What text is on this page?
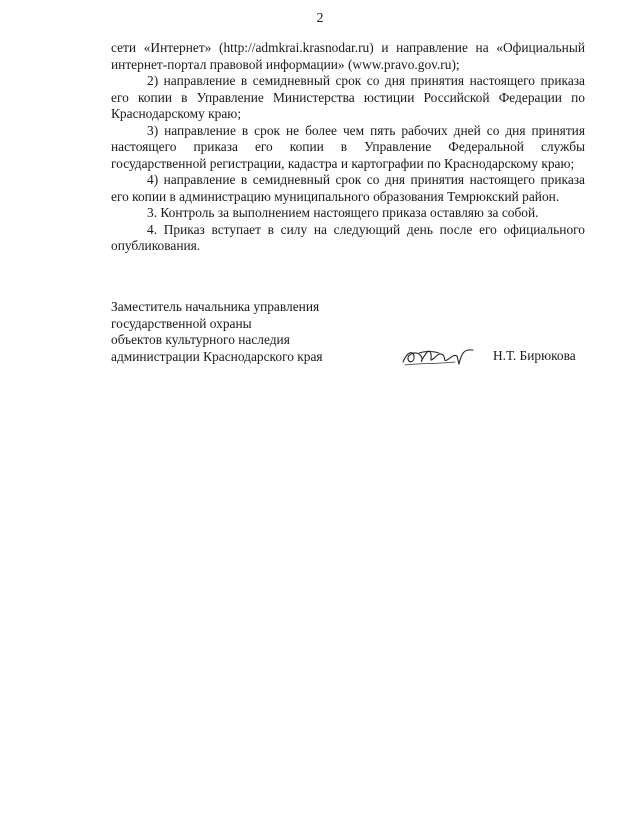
2

сети «Интернет» (http://admkrai.krasnodar.ru) и направление на «Официальный интернет-портал правовой информации» (www.pravo.gov.ru);

2) направление в семидневный срок со дня принятия настоящего приказа его копии в Управление Министерства юстиции Российской Федерации по Краснодарскому краю;

3) направление в срок не более чем пять рабочих дней со дня принятия настоящего приказа его копии в Управление Федеральной службы государственной регистрации, кадастра и картографии по Краснодарскому краю;

4) направление в семидневный срок со дня принятия настоящего приказа его копии в администрацию муниципального образования Темрюкский район.

3. Контроль за выполнением настоящего приказа оставляю за собой.

4. Приказ вступает в силу на следующий день после его официального опубликования.

Заместитель начальника управления
государственной охраны
объектов культурного наследия
администрации Краснодарского края	Н.Т. Бирюкова
